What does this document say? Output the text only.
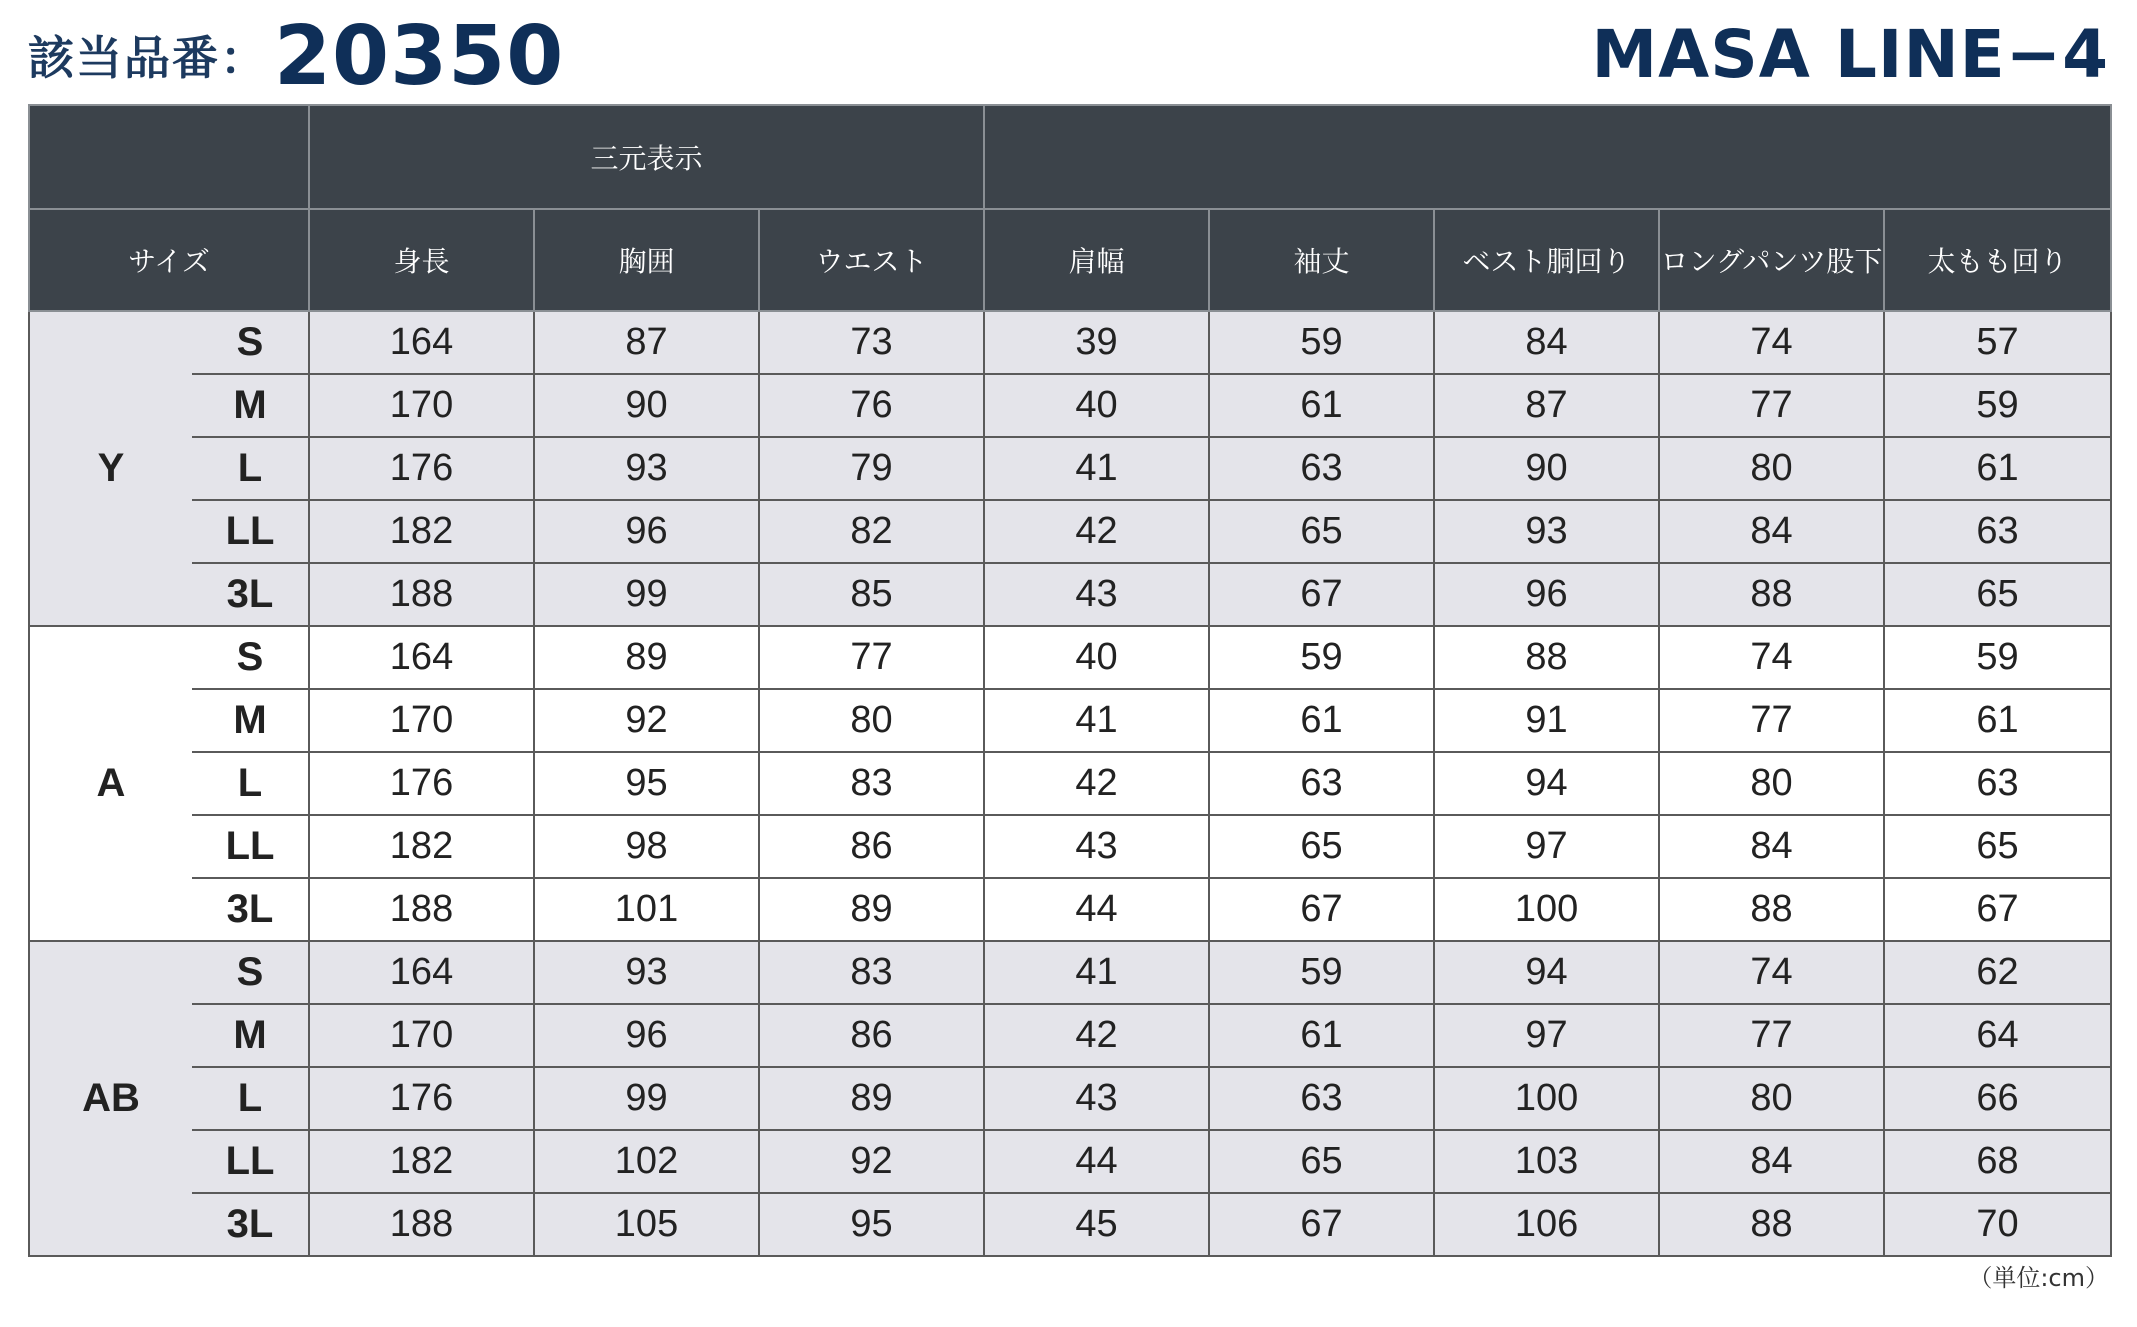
該当品番： 20350	MASA LINE−4
		三元表示							
サイズ		身長	胸囲	ウエスト	肩幅	袖丈	ベスト胴回り	ロングパンツ股下	太もも回り
Y	S	164	87	73	39	59	84	74	57
	M	170	90	76	40	61	87	77	59
	L	176	93	79	41	63	90	80	61
	LL	182	96	82	42	65	93	84	63
	3L	188	99	85	43	67	96	88	65
A	S	164	89	77	40	59	88	74	59
	M	170	92	80	41	61	91	77	61
	L	176	95	83	42	63	94	80	63
	LL	182	98	86	43	65	97	84	65
	3L	188	101	89	44	67	100	88	67
AB	S	164	93	83	41	59	94	74	62
	M	170	96	86	42	61	97	77	64
	L	176	99	89	43	63	100	80	66
	LL	182	102	92	44	65	103	84	68
	3L	188	105	95	45	67	106	88	70
（単位:cm）
